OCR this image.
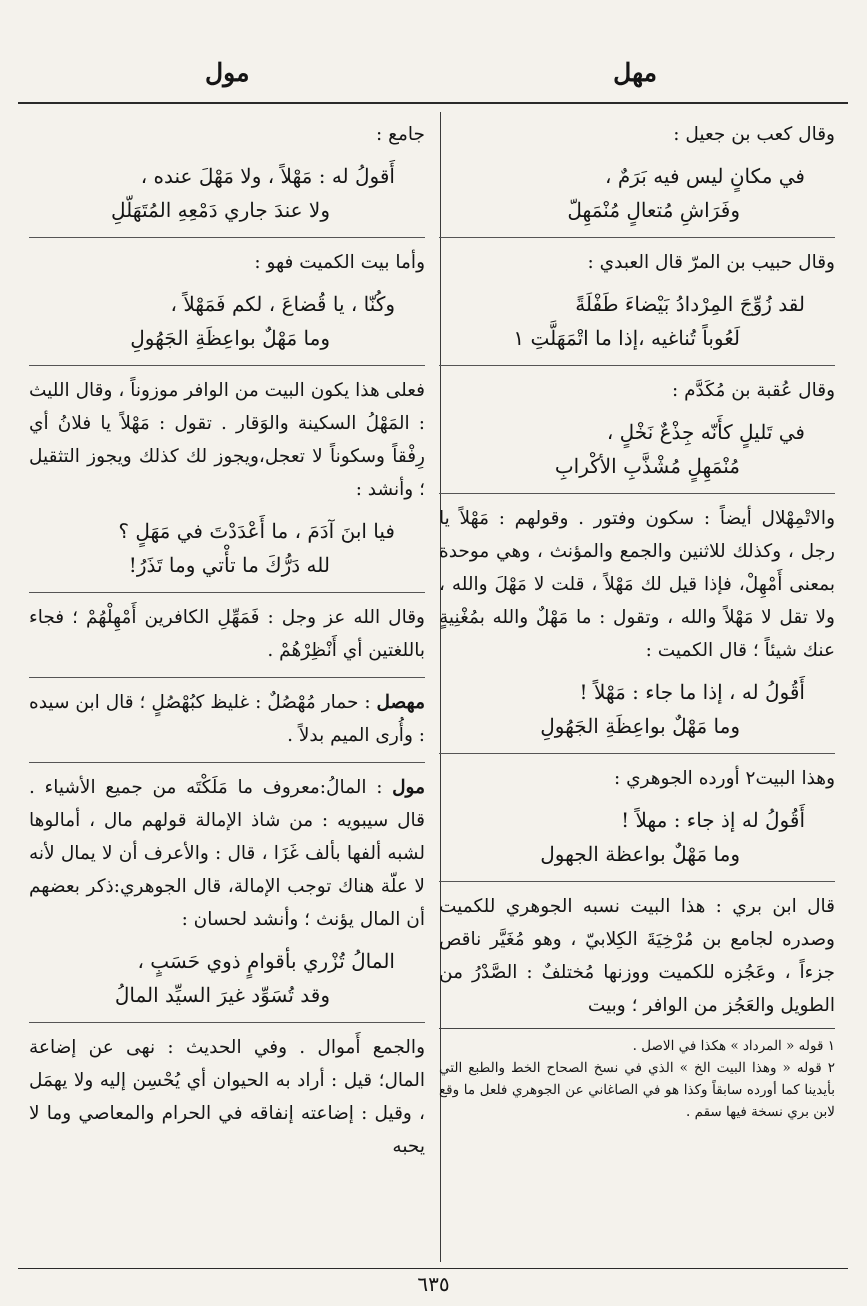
مهل
مول

وقال كعب بن جعيل :

في مكانٍ ليس فيه بَرَمٌ ،
وفَرَاشِ مُتعالٍ مُنْمَهِلّ

وقال حبيب بن المرّ قال العبدي :

لقد زُوِّجَ المِرْدادُ بَيْضاءَ طَفْلَةً
لَعُوباً تُناغيه ،إذا ما اتْمَهَلَّتِ ١

وقال عُقبة بن مُكَدَّم :

في تَليلٍ كأَنّه جِذْعٌ نَخْلٍ ،
مُنْمَهِلٍ مُشْذَّبِ الأكْرابِ

والاتْمِهْلال أيضاً : سكون وفتور . وقولهم : مَهْلاً يا رجل ، وكذلك للاثنين والجمع والمؤنث ، وهي موحدة بمعنى أَمْهِلْ، فإذا قيل لك مَهْلاً ، قلت لا مَهْلَ والله ، ولا تقل لا مَهْلاً والله ، وتقول : ما مَهْلٌ والله بمُغْنِيةٍ عنك شيئاً ؛ قال الكميت :

أَقُولُ له ، إذا ما جاء : مَهْلاً !
وما مَهْلٌ بواعِظَةِ الجَهُولِ

وهذا البيت٢ أورده الجوهري :

أَقُولُ له إذ جاء : مهلاً !
وما مَهْلٌ بواعظة الجهول

قال ابن بري : هذا البيت نسبه الجوهري للكميت وصدره لجامع بن مُرْخِيَةَ الكِلابيّ ، وهو مُغَيَّر ناقص جزءاً ، وعَجُزه للكميت ووزنها مُختلفٌ : الصَّدْرُ من الطويل والعَجُز من الوافر ؛ وبيت

١ قوله « المرداد » هكذا في الاصل .

٢ قوله « وهذا البيت الخ » الذي في نسخ الصحاح الخط والطبع التي بأيدينا كما أورده سابقاً وكذا هو في الصاغاني عن الجوهري فلعل ما وقع لابن بري نسخة فيها سقم .

جامع :

أَقولُ له : مَهْلاً ، ولا مَهْلَ عنده ،
ولا عندَ جاري دَمْعِهِ المُتَهَلّلِ

وأما بيت الكميت فهو :

وكُنّا ، يا قُضاعَ ، لكم فَمَهْلاً ،
وما مَهْلٌ بواعِظَةِ الجَهُولِ

فعلى هذا يكون البيت من الوافر موزوناً ، وقال الليث : المَهْلُ السكينة والوَقار . تقول : مَهْلاً يا فلانُ أي رِفْقاً وسكوناً لا تعجل،ويجوز لك كذلك ويجوز التثقيل ؛ وأنشد :

فيا ابنَ آدَمَ ، ما أَعْدَدْتَ في مَهَلٍ ؟
لله دَرُّكَ ما تأْتي وما تَذَرُ!

وقال الله عز وجل : فَمَهِّلِ الكافرين أَمْهِلْهُمْ ؛ فجاء باللغتين أي أَنْظِرْهُمْ .

مهصل : حمار مُهْصُلٌ : غليظ كبُهْصُلٍ ؛ قال ابن سيده : وأُرى الميم بدلاً .

مول : المالُ:معروف ما مَلَكْتَه من جميع الأشياء . قال سيبويه : من شاذ الإمالة قولهم مال ، أمالوها لشبه ألفها بألف غَزَا ، قال : والأعرف أن لا يمال لأنه لا علّة هناك توجب الإمالة، قال الجوهري:ذكر بعضهم أن المال يؤنث ؛ وأنشد لحسان :

المالُ تُزْري بأقوامٍ ذوي حَسَبٍ ،
وقد تُسَوِّد غيرَ السيِّد المالُ

والجمع أَموال . وفي الحديث : نهى عن إضاعة المال؛ قيل : أراد به الحيوان أي يُحْسِن إليه ولا يهمَل ، وقيل : إضاعته إنفاقه في الحرام والمعاصي وما لا يحبه

٦٣٥
